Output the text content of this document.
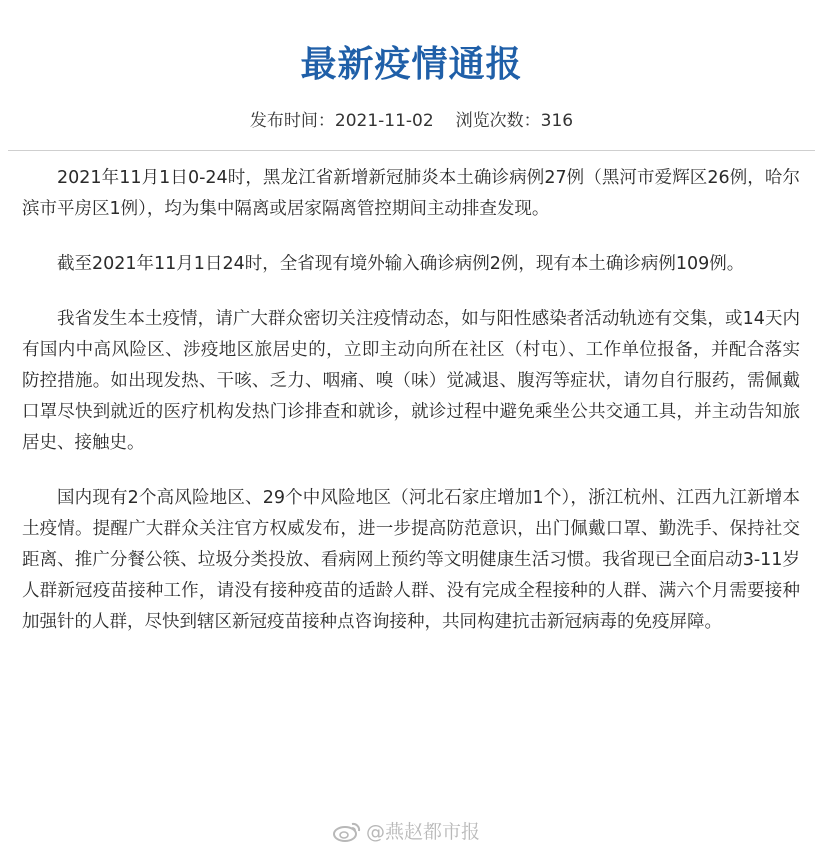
最新疫情通报
发布时间：2021-11-02 浏览次数：316

2021年11月1日0-24时，黑龙江省新增新冠肺炎本土确诊病例27例（黑河市爱辉区26例，哈尔滨市平房区1例），均为集中隔离或居家隔离管控期间主动排查发现。

截至2021年11月1日24时，全省现有境外输入确诊病例2例，现有本土确诊病例109例。

我省发生本土疫情，请广大群众密切关注疫情动态，如与阳性感染者活动轨迹有交集，或14天内有国内中高风险区、涉疫地区旅居史的，立即主动向所在社区（村屯）、工作单位报备，并配合落实防控措施。如出现发热、干咳、乏力、咽痛、嗅（味）觉减退、腹泻等症状，请勿自行服药，需佩戴口罩尽快到就近的医疗机构发热门诊排查和就诊，就诊过程中避免乘坐公共交通工具，并主动告知旅居史、接触史。

国内现有2个高风险地区、29个中风险地区（河北石家庄增加1个），浙江杭州、江西九江新增本土疫情。提醒广大群众关注官方权威发布，进一步提高防范意识，出门佩戴口罩、勤洗手、保持社交距离、推广分餐公筷、垃圾分类投放、看病网上预约等文明健康生活习惯。我省现已全面启动3-11岁人群新冠疫苗接种工作，请没有接种疫苗的适龄人群、没有完成全程接种的人群、满六个月需要接种加强针的人群，尽快到辖区新冠疫苗接种点咨询接种，共同构建抗击新冠病毒的免疫屏障。

@燕赵都市报
